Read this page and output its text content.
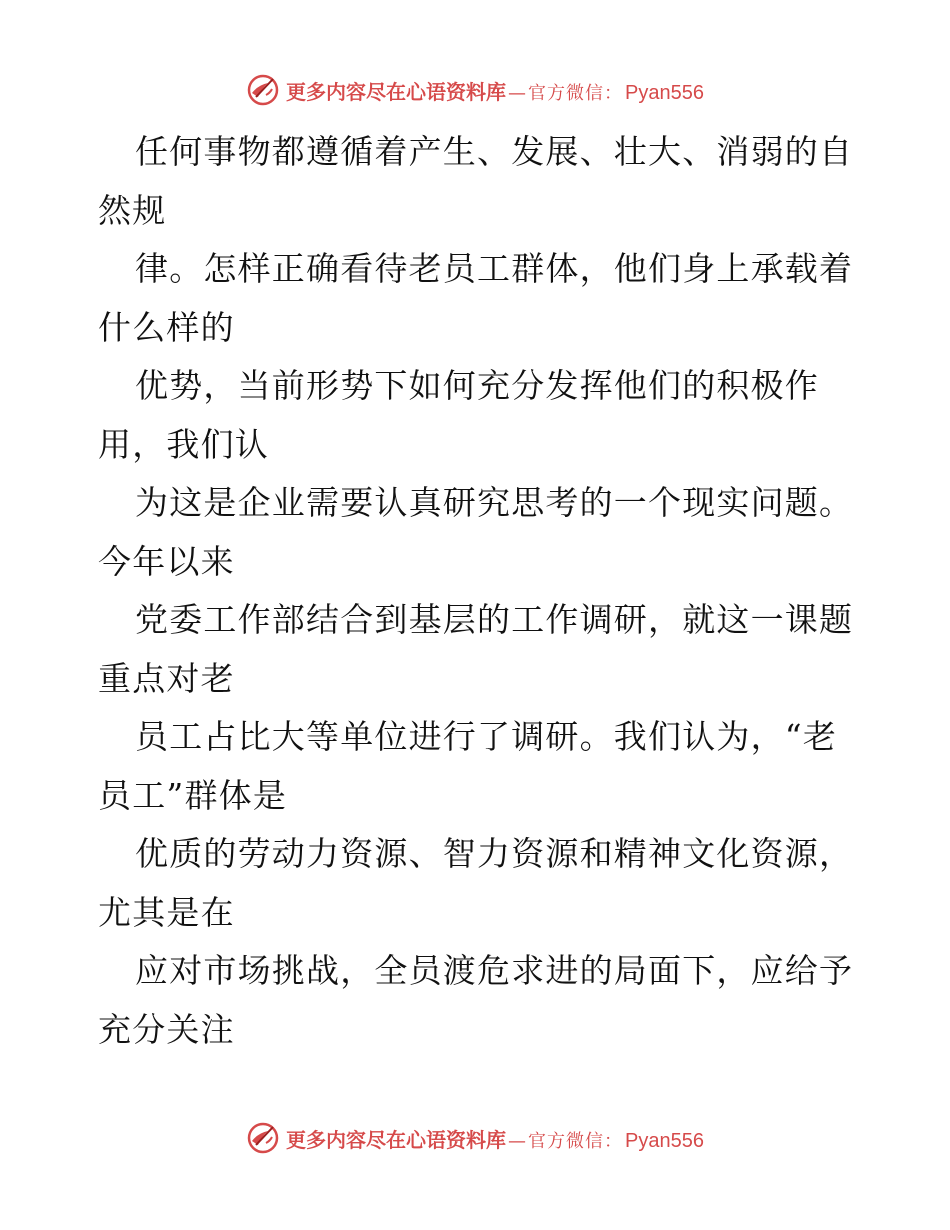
更多内容尽在心语资料库 — 官方微信： Pyan556
任何事物都遵循着产生、发展、壮大、消弱的自
然规
律。怎样正确看待老员工群体，他们身上承载着
什么样的
优势，当前形势下如何充分发挥他们的积极作
用，我们认
为这是企业需要认真研究思考的一个现实问题。
今年以来
党委工作部结合到基层的工作调研，就这一课题
重点对老
员工占比大等单位进行了调研。我们认为，“老
员工”群体是
优质的劳动力资源、智力资源和精神文化资源，
尤其是在
应对市场挑战，全员渡危求进的局面下，应给予
充分关注
更多内容尽在心语资料库 — 官方微信： Pyan556
